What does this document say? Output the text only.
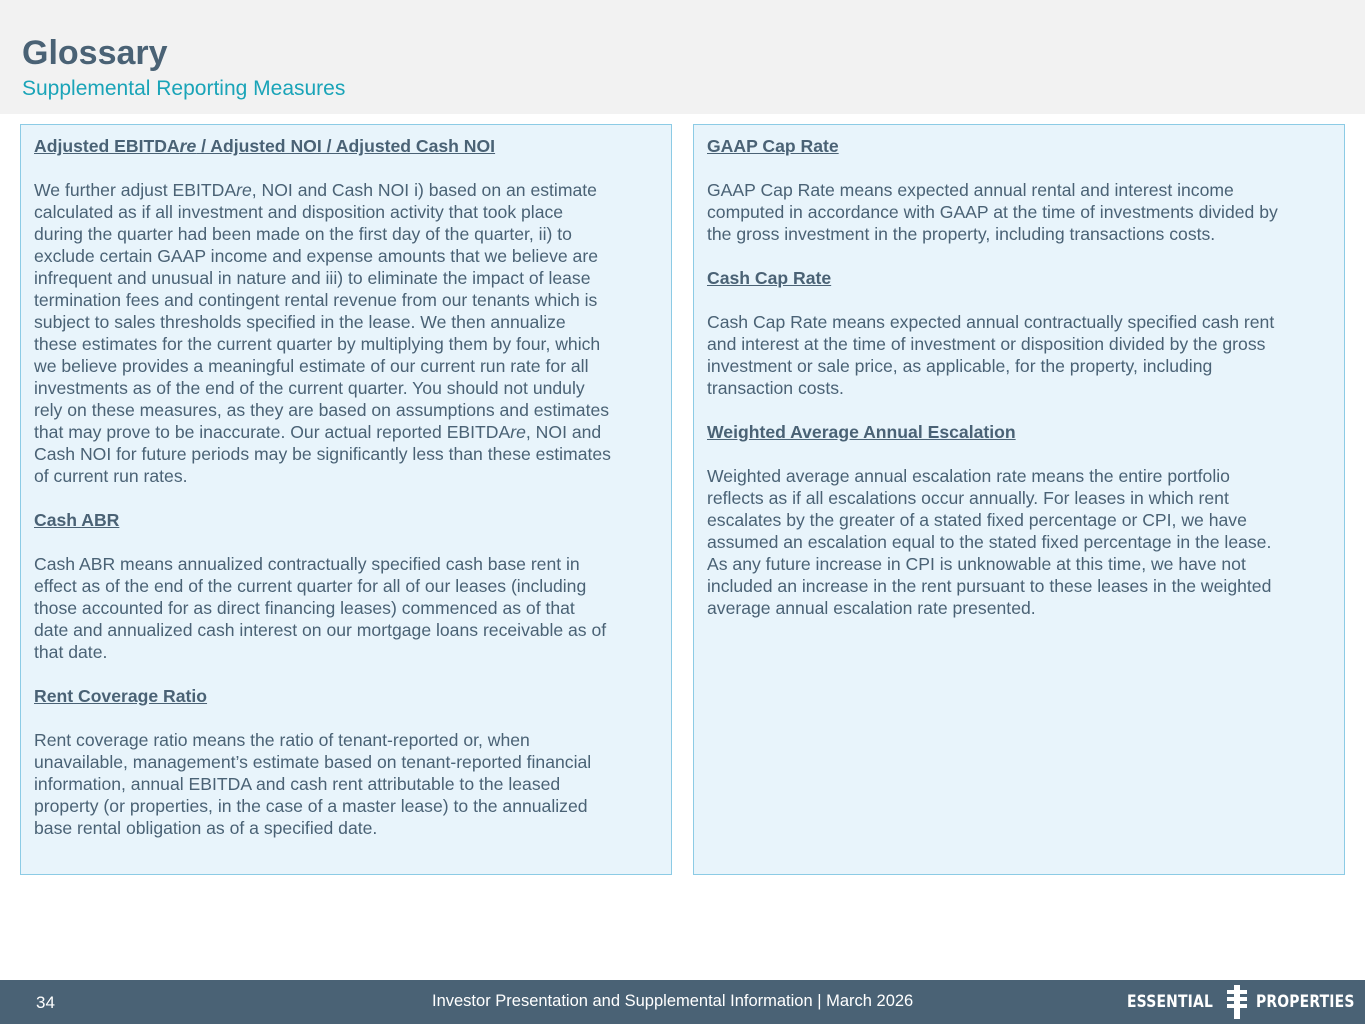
Glossary
Supplemental Reporting Measures
Adjusted EBITDAre / Adjusted NOI / Adjusted Cash NOI
We further adjust EBITDAre, NOI and Cash NOI i) based on an estimate
calculated as if all investment and disposition activity that took place
during the quarter had been made on the first day of the quarter, ii) to
exclude certain GAAP income and expense amounts that we believe are
infrequent and unusual in nature and iii) to eliminate the impact of lease
termination fees and contingent rental revenue from our tenants which is
subject to sales thresholds specified in the lease. We then annualize
these estimates for the current quarter by multiplying them by four, which
we believe provides a meaningful estimate of our current run rate for all
investments as of the end of the current quarter. You should not unduly
rely on these measures, as they are based on assumptions and estimates
that may prove to be inaccurate. Our actual reported EBITDAre, NOI and
Cash NOI for future periods may be significantly less than these estimates
of current run rates.
Cash ABR
Cash ABR means annualized contractually specified cash base rent in
effect as of the end of the current quarter for all of our leases (including
those accounted for as direct financing leases) commenced as of that
date and annualized cash interest on our mortgage loans receivable as of
that date.
Rent Coverage Ratio
Rent coverage ratio means the ratio of tenant-reported or, when
unavailable, management’s estimate based on tenant-reported financial
information, annual EBITDA and cash rent attributable to the leased
property (or properties, in the case of a master lease) to the annualized
base rental obligation as of a specified date.
GAAP Cap Rate
GAAP Cap Rate means expected annual rental and interest income
computed in accordance with GAAP at the time of investments divided by
the gross investment in the property, including transactions costs.
Cash Cap Rate
Cash Cap Rate means expected annual contractually specified cash rent
and interest at the time of investment or disposition divided by the gross
investment or sale price, as applicable, for the property, including
transaction costs.
Weighted Average Annual Escalation
Weighted average annual escalation rate means the entire portfolio
reflects as if all escalations occur annually. For leases in which rent
escalates by the greater of a stated fixed percentage or CPI, we have
assumed an escalation equal to the stated fixed percentage in the lease.
As any future increase in CPI is unknowable at this time, we have not
included an increase in the rent pursuant to these leases in the weighted
average annual escalation rate presented.
34	Investor Presentation and Supplemental Information | March 2026	ESSENTIAL	PROPERTIES
